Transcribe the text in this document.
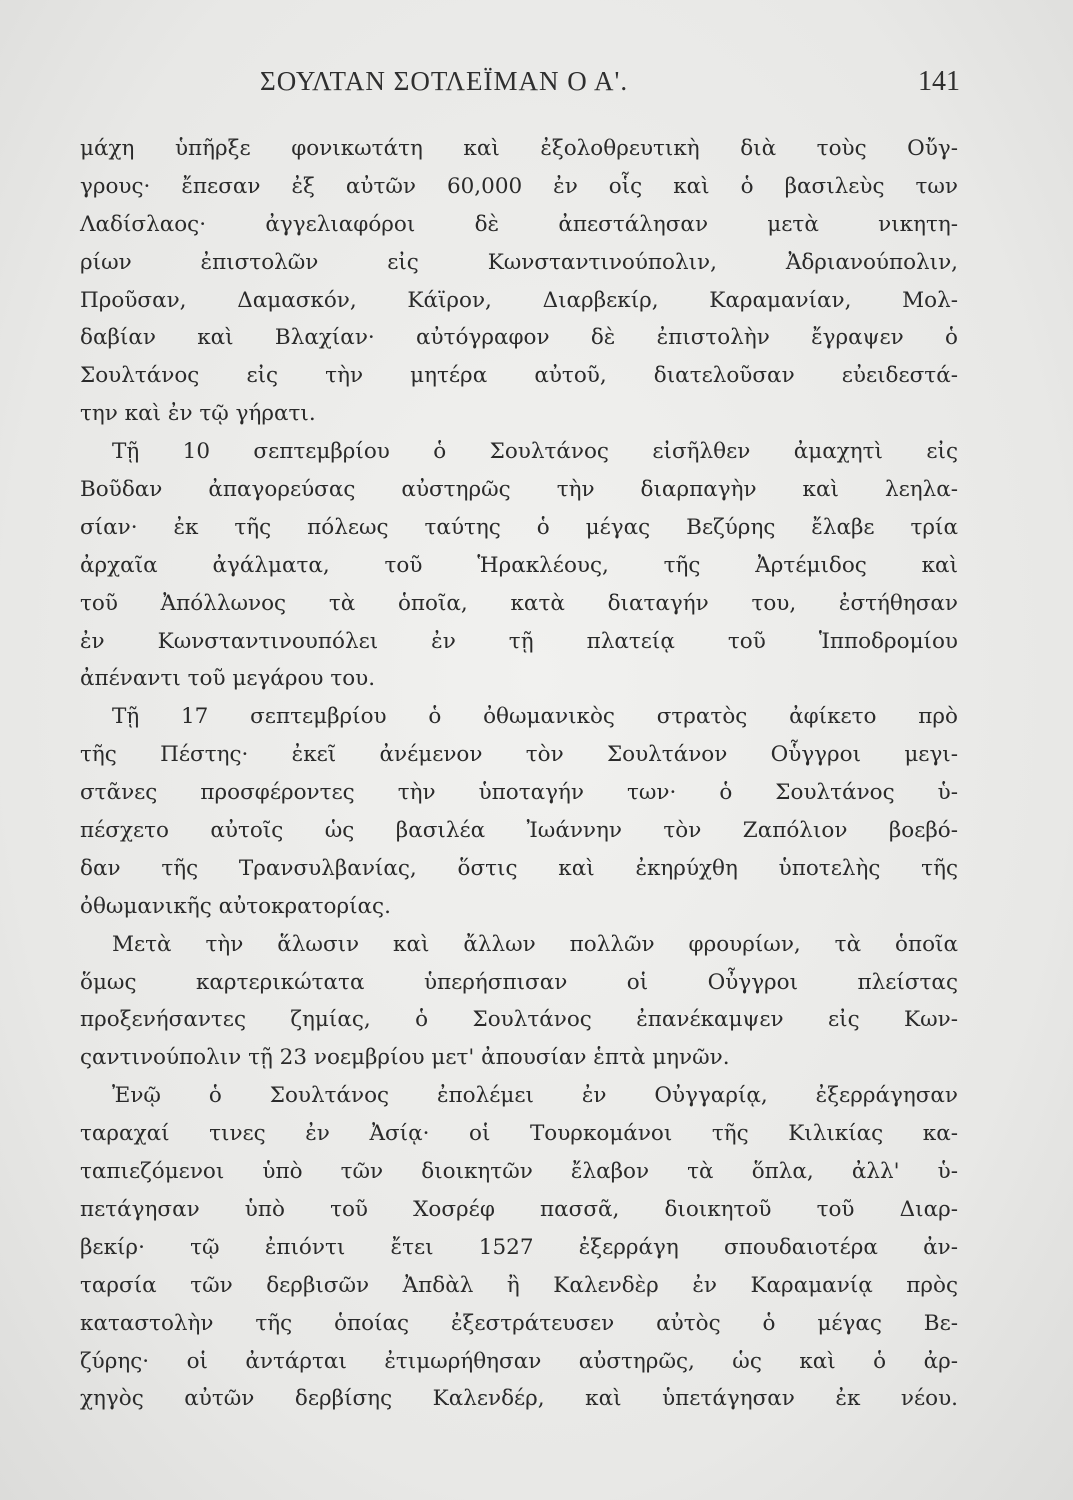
ΣΟΥΛΤΑΝ ΣΟΤΛΕΪΜΑΝ Ο Α'.	141
μάχη ὑπῆρξε φονικωτάτη καὶ ἐξολοθρευτικὴ διὰ τοὺς Οὔγ-
γρους· ἔπεσαν ἐξ αὐτῶν 60,000 ἐν οἷς καὶ ὁ βασιλεὺς των
Λαδίσλαος· ἀγγελιαφόροι δὲ ἀπεστάλησαν μετὰ νικητη-
ρίων ἐπιστολῶν εἰς Κωνσταντινούπολιν, Ἀδριανούπολιν,
Προῦσαν, Δαμασκόν, Κάϊρον, Διαρβεκίρ, Καραμανίαν, Μολ-
δαβίαν καὶ Βλαχίαν· αὐτόγραφον δὲ ἐπιστολὴν ἔγραψεν ὁ
Σουλτάνος εἰς τὴν μητέρα αὐτοῦ, διατελοῦσαν εὐειδεστά-
την καὶ ἐν τῷ γήρατι.
Τῇ 10 σεπτεμβρίου ὁ Σουλτάνος εἰσῆλθεν ἀμαχητὶ εἰς
Βοῦδαν ἀπαγορεύσας αὐστηρῶς τὴν διαρπαγὴν καὶ λεηλα-
σίαν· ἐκ τῆς πόλεως ταύτης ὁ μέγας Βεζύρης ἔλαβε τρία
ἀρχαῖα ἀγάλματα, τοῦ Ἡρακλέους, τῆς Ἀρτέμιδος καὶ
τοῦ Ἀπόλλωνος τὰ ὁποῖα, κατὰ διαταγήν του, ἐστήθησαν
ἐν Κωνσταντινουπόλει ἐν τῇ πλατείᾳ τοῦ Ἱπποδρομίου
ἀπέναντι τοῦ μεγάρου του.
Τῇ 17 σεπτεμβρίου ὁ ὀθωμανικὸς στρατὸς ἀφίκετο πρὸ
τῆς Πέστης· ἐκεῖ ἀνέμενον τὸν Σουλτάνον Οὗγγροι μεγι-
στᾶνες προσφέροντες τὴν ὑποταγήν των· ὁ Σουλτάνος ὑ-
πέσχετο αὐτοῖς ὡς βασιλέα Ἰωάννην τὸν Ζαπόλιον βοεβό-
δαν τῆς Τρανσυλβανίας, ὅστις καὶ ἐκηρύχθη ὑποτελὴς τῆς
ὀθωμανικῆς αὐτοκρατορίας.
Μετὰ τὴν ἅλωσιν καὶ ἄλλων πολλῶν φρουρίων, τὰ ὁποῖα
ὅμως καρτερικώτατα ὑπερήσπισαν οἱ Οὖγγροι πλείστας
προξενήσαντες ζημίας, ὁ Σουλτάνος ἐπανέκαμψεν εἰς Κων-
ςαντινούπολιν τῇ 23 νοεμβρίου μετ' ἀπουσίαν ἑπτὰ μηνῶν.
Ἐνῷ ὁ Σουλτάνος ἐπολέμει ἐν Οὐγγαρίᾳ, ἐξερράγησαν
ταραχαί τινες ἐν Ἀσίᾳ· οἱ Τουρκομάνοι τῆς Κιλικίας κα-
ταπιεζόμενοι ὑπὸ τῶν διοικητῶν ἔλαβον τὰ ὅπλα, ἀλλ' ὑ-
πετάγησαν ὑπὸ τοῦ Χοσρέφ πασσᾶ, διοικητοῦ τοῦ Διαρ-
βεκίρ· τῷ ἐπιόντι ἔτει 1527 ἐξερράγη σπουδαιοτέρα ἀν-
ταρσία τῶν δερβισῶν Ἀπδὰλ ἢ Καλενδὲρ ἐν Καραμανίᾳ πρὸς
καταστολὴν τῆς ὁποίας ἐξεστράτευσεν αὐτὸς ὁ μέγας Βε-
ζύρης· οἱ ἀντάρται ἐτιμωρήθησαν αὐστηρῶς, ὡς καὶ ὁ ἀρ-
χηγὸς αὐτῶν δερβίσης Καλενδέρ, καὶ ὑπετάγησαν ἐκ νέου.
